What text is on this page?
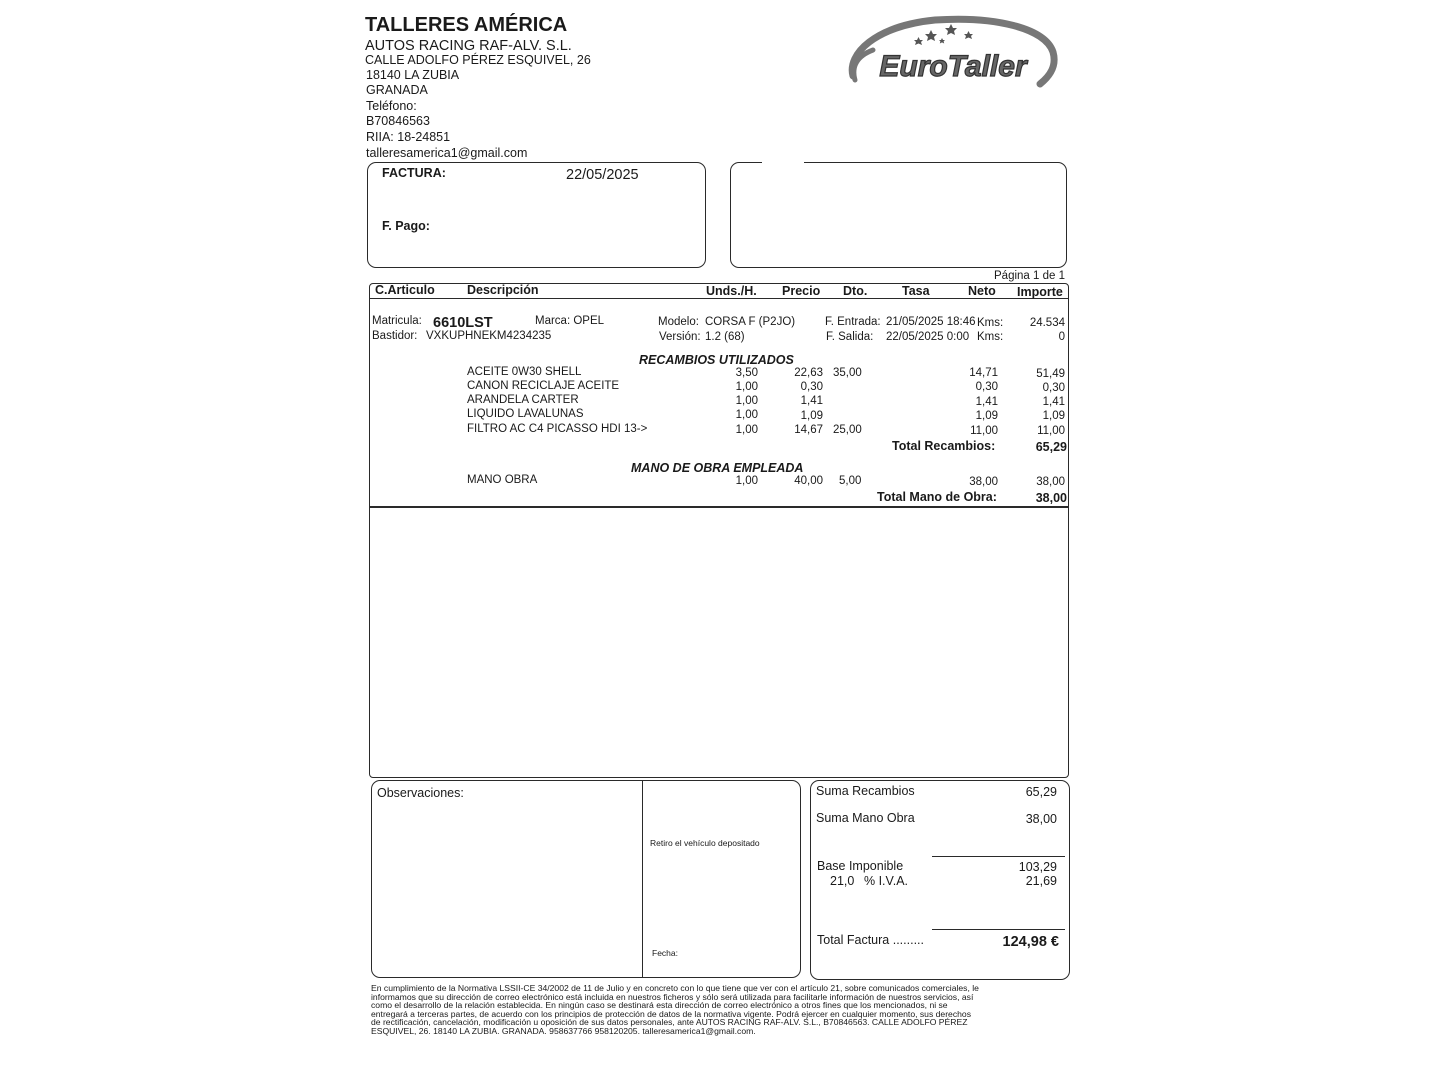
TALLERES AMÉRICA
AUTOS RACING RAF-ALV. S.L.
CALLE ADOLFO PÉREZ ESQUIVEL, 26
18140 LA ZUBIA
GRANADA
Teléfono:
B70846563
RIIA: 18-24851
talleresamerica1@gmail.com
EuroTaller
FACTURA:	22/05/2025
F. Pago:
Página 1 de 1
C.Articulo	Descripción	Unds./H. Precio Dto.	Tasa	Neto Importe
Matricula: 6610LST	Marca: OPEL	Modelo: CORSA F (P2JO)	F. Entrada: 21/05/2025 18:46 Kms:	24.534
Bastidor: VXKUPHNEKM4234235	Versión: 1.2 (68)	F. Salida: 22/05/2025 0:00 Kms:	0
RECAMBIOS UTILIZADOS
ACEITE 0W30 SHELL	3,50	22,63 35,00	14,71	51,49
CANON RECICLAJE ACEITE	1,00	0,30	0,30	0,30
ARANDELA CARTER	1,00	1,41	1,41	1,41
LIQUIDO LAVALUNAS	1,00	1,09	1,09	1,09
FILTRO AC C4 PICASSO HDI 13->	1,00	14,67 25,00	11,00	11,00
Total Recambios:	65,29
MANO DE OBRA EMPLEADA
MANO OBRA	1,00	40,00 5,00	38,00	38,00
Total Mano de Obra:	38,00
Observaciones:
Retiro el vehículo depositado
Fecha:
Suma Recambios	65,29
Suma Mano Obra	38,00
Base Imponible	103,29
21,0 % I.V.A.	21,69
Total Factura .........	124,98 €
En cumplimiento de la Normativa LSSII-CE 34/2002 de 11 de Julio y en concreto con lo que tiene que ver con el artículo 21, sobre comunicados comerciales, le informamos que su dirección de correo electrónico está incluida en nuestros ficheros y sólo será utilizada para facilitarle información de nuestros servicios, así como el desarrollo de la relación establecida. En ningún caso se destinará esta dirección de correo electrónico a otros fines que los mencionados, ni se entregará a terceras partes, de acuerdo con los principios de protección de datos de la normativa vigente. Podrá ejercer en cualquier momento, sus derechos de rectificación, cancelación, modificación u oposición de sus datos personales, ante AUTOS RACING RAF-ALV. S.L., B70846563. CALLE ADOLFO PÉREZ ESQUIVEL, 26. 18140 LA ZUBIA. GRANADA. 958637766 958120205. talleresamerica1@gmail.com.
